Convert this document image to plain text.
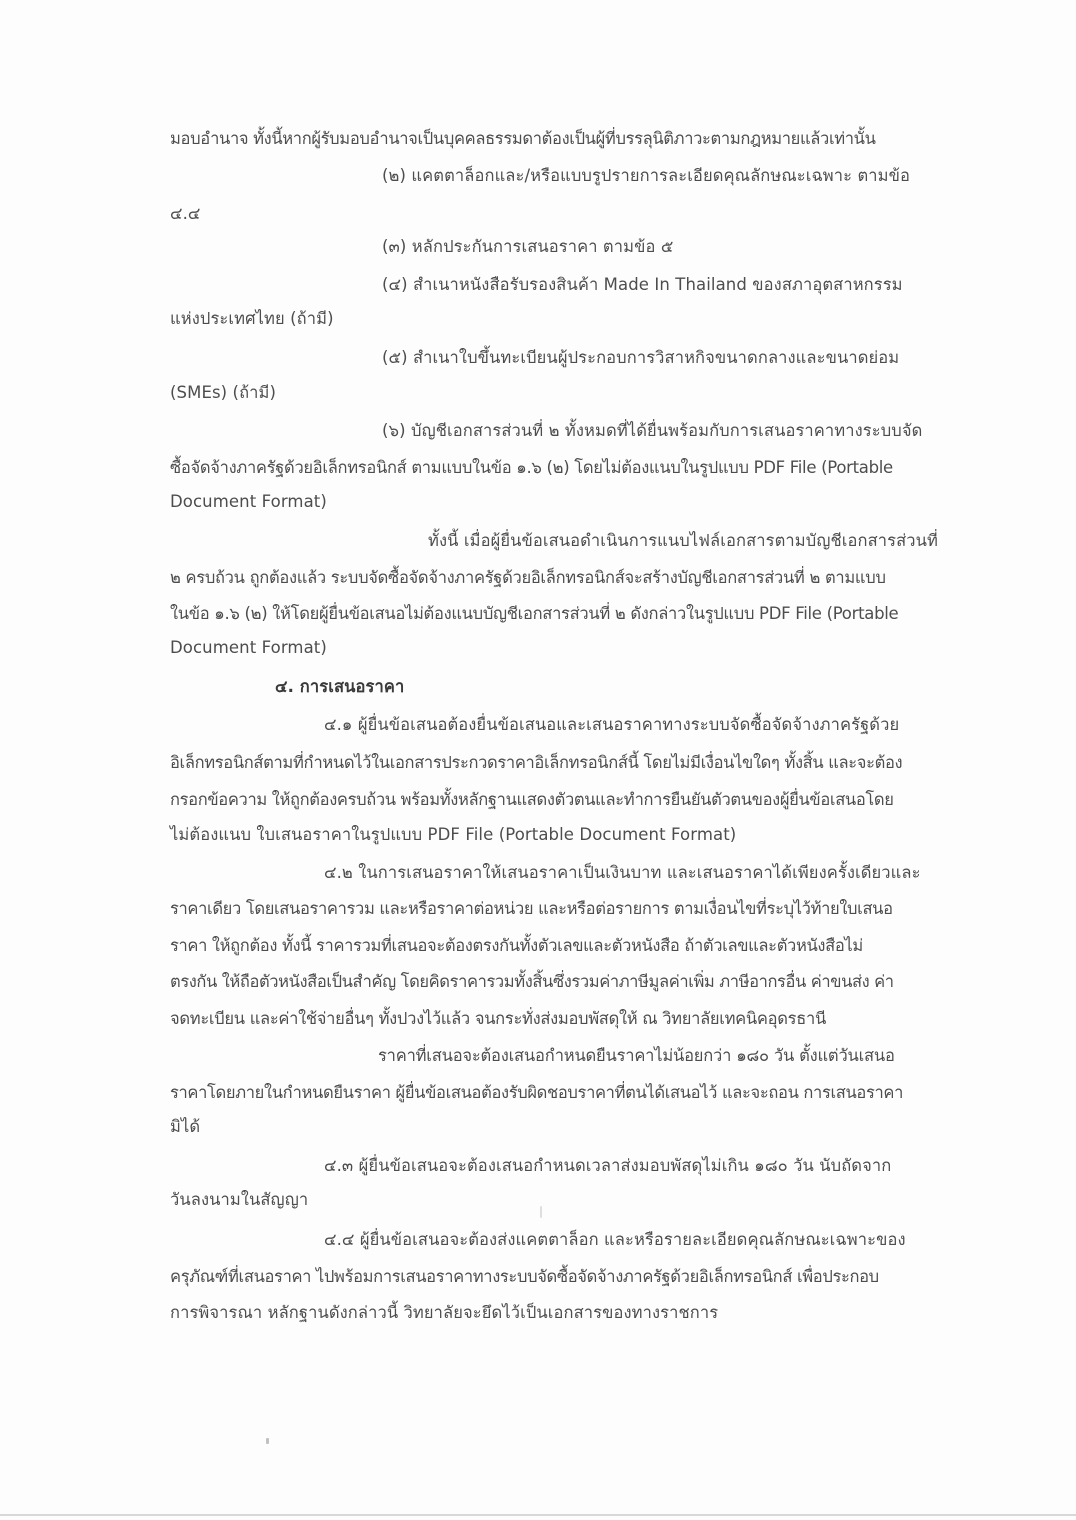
มอบอำนาจ ทั้งนี้หากผู้รับมอบอำนาจเป็นบุคคลธรรมดาต้องเป็นผู้ที่บรรลุนิติภาวะตามกฎหมายแล้วเท่านั้น
(๒) แคตตาล็อกและ/หรือแบบรูปรายการละเอียดคุณลักษณะเฉพาะ ตามข้อ
๔.๔
(๓) หลักประกันการเสนอราคา ตามข้อ ๕
(๔) สำเนาหนังสือรับรองสินค้า Made In Thailand ของสภาอุตสาหกรรม
แห่งประเทศไทย (ถ้ามี)
(๕) สำเนาใบขึ้นทะเบียนผู้ประกอบการวิสาหกิจขนาดกลางและขนาดย่อม
(SMEs) (ถ้ามี)
(๖) บัญชีเอกสารส่วนที่ ๒ ทั้งหมดที่ได้ยื่นพร้อมกับการเสนอราคาทางระบบจัด
ซื้อจัดจ้างภาครัฐด้วยอิเล็กทรอนิกส์ ตามแบบในข้อ ๑.๖ (๒) โดยไม่ต้องแนบในรูปแบบ PDF File (Portable
Document Format)
ทั้งนี้ เมื่อผู้ยื่นข้อเสนอดำเนินการแนบไฟล์เอกสารตามบัญชีเอกสารส่วนที่
๒ ครบถ้วน ถูกต้องแล้ว ระบบจัดซื้อจัดจ้างภาครัฐด้วยอิเล็กทรอนิกส์จะสร้างบัญชีเอกสารส่วนที่ ๒ ตามแบบ
ในข้อ ๑.๖ (๒) ให้โดยผู้ยื่นข้อเสนอไม่ต้องแนบบัญชีเอกสารส่วนที่ ๒ ดังกล่าวในรูปแบบ PDF File (Portable
Document Format)
๔. การเสนอราคา
๔.๑ ผู้ยื่นข้อเสนอต้องยื่นข้อเสนอและเสนอราคาทางระบบจัดซื้อจัดจ้างภาครัฐด้วย
อิเล็กทรอนิกส์ตามที่กำหนดไว้ในเอกสารประกวดราคาอิเล็กทรอนิกส์นี้ โดยไม่มีเงื่อนไขใดๆ ทั้งสิ้น และจะต้อง
กรอกข้อความ ให้ถูกต้องครบถ้วน พร้อมทั้งหลักฐานแสดงตัวตนและทำการยืนยันตัวตนของผู้ยื่นข้อเสนอโดย
ไม่ต้องแนบ ใบเสนอราคาในรูปแบบ PDF File (Portable Document Format)
๔.๒ ในการเสนอราคาให้เสนอราคาเป็นเงินบาท และเสนอราคาได้เพียงครั้งเดียวและ
ราคาเดียว โดยเสนอราคารวม และหรือราคาต่อหน่วย และหรือต่อรายการ ตามเงื่อนไขที่ระบุไว้ท้ายใบเสนอ
ราคา ให้ถูกต้อง ทั้งนี้ ราคารวมที่เสนอจะต้องตรงกันทั้งตัวเลขและตัวหนังสือ ถ้าตัวเลขและตัวหนังสือไม่
ตรงกัน ให้ถือตัวหนังสือเป็นสำคัญ โดยคิดราคารวมทั้งสิ้นซึ่งรวมค่าภาษีมูลค่าเพิ่ม ภาษีอากรอื่น ค่าขนส่ง ค่า
จดทะเบียน และค่าใช้จ่ายอื่นๆ ทั้งปวงไว้แล้ว จนกระทั่งส่งมอบพัสดุให้ ณ วิทยาลัยเทคนิคอุดรธานี
ราคาที่เสนอจะต้องเสนอกำหนดยืนราคาไม่น้อยกว่า ๑๘๐ วัน ตั้งแต่วันเสนอ
ราคาโดยภายในกำหนดยืนราคา ผู้ยื่นข้อเสนอต้องรับผิดชอบราคาที่ตนได้เสนอไว้ และจะถอน การเสนอราคา
มิได้
๔.๓ ผู้ยื่นข้อเสนอจะต้องเสนอกำหนดเวลาส่งมอบพัสดุไม่เกิน ๑๘๐ วัน นับถัดจาก
วันลงนามในสัญญา
๔.๔ ผู้ยื่นข้อเสนอจะต้องส่งแคตตาล็อก และหรือรายละเอียดคุณลักษณะเฉพาะของ
ครุภัณฑ์ที่เสนอราคา ไปพร้อมการเสนอราคาทางระบบจัดซื้อจัดจ้างภาครัฐด้วยอิเล็กทรอนิกส์ เพื่อประกอบ
การพิจารณา หลักฐานดังกล่าวนี้ วิทยาลัยจะยึดไว้เป็นเอกสารของทางราชการ
